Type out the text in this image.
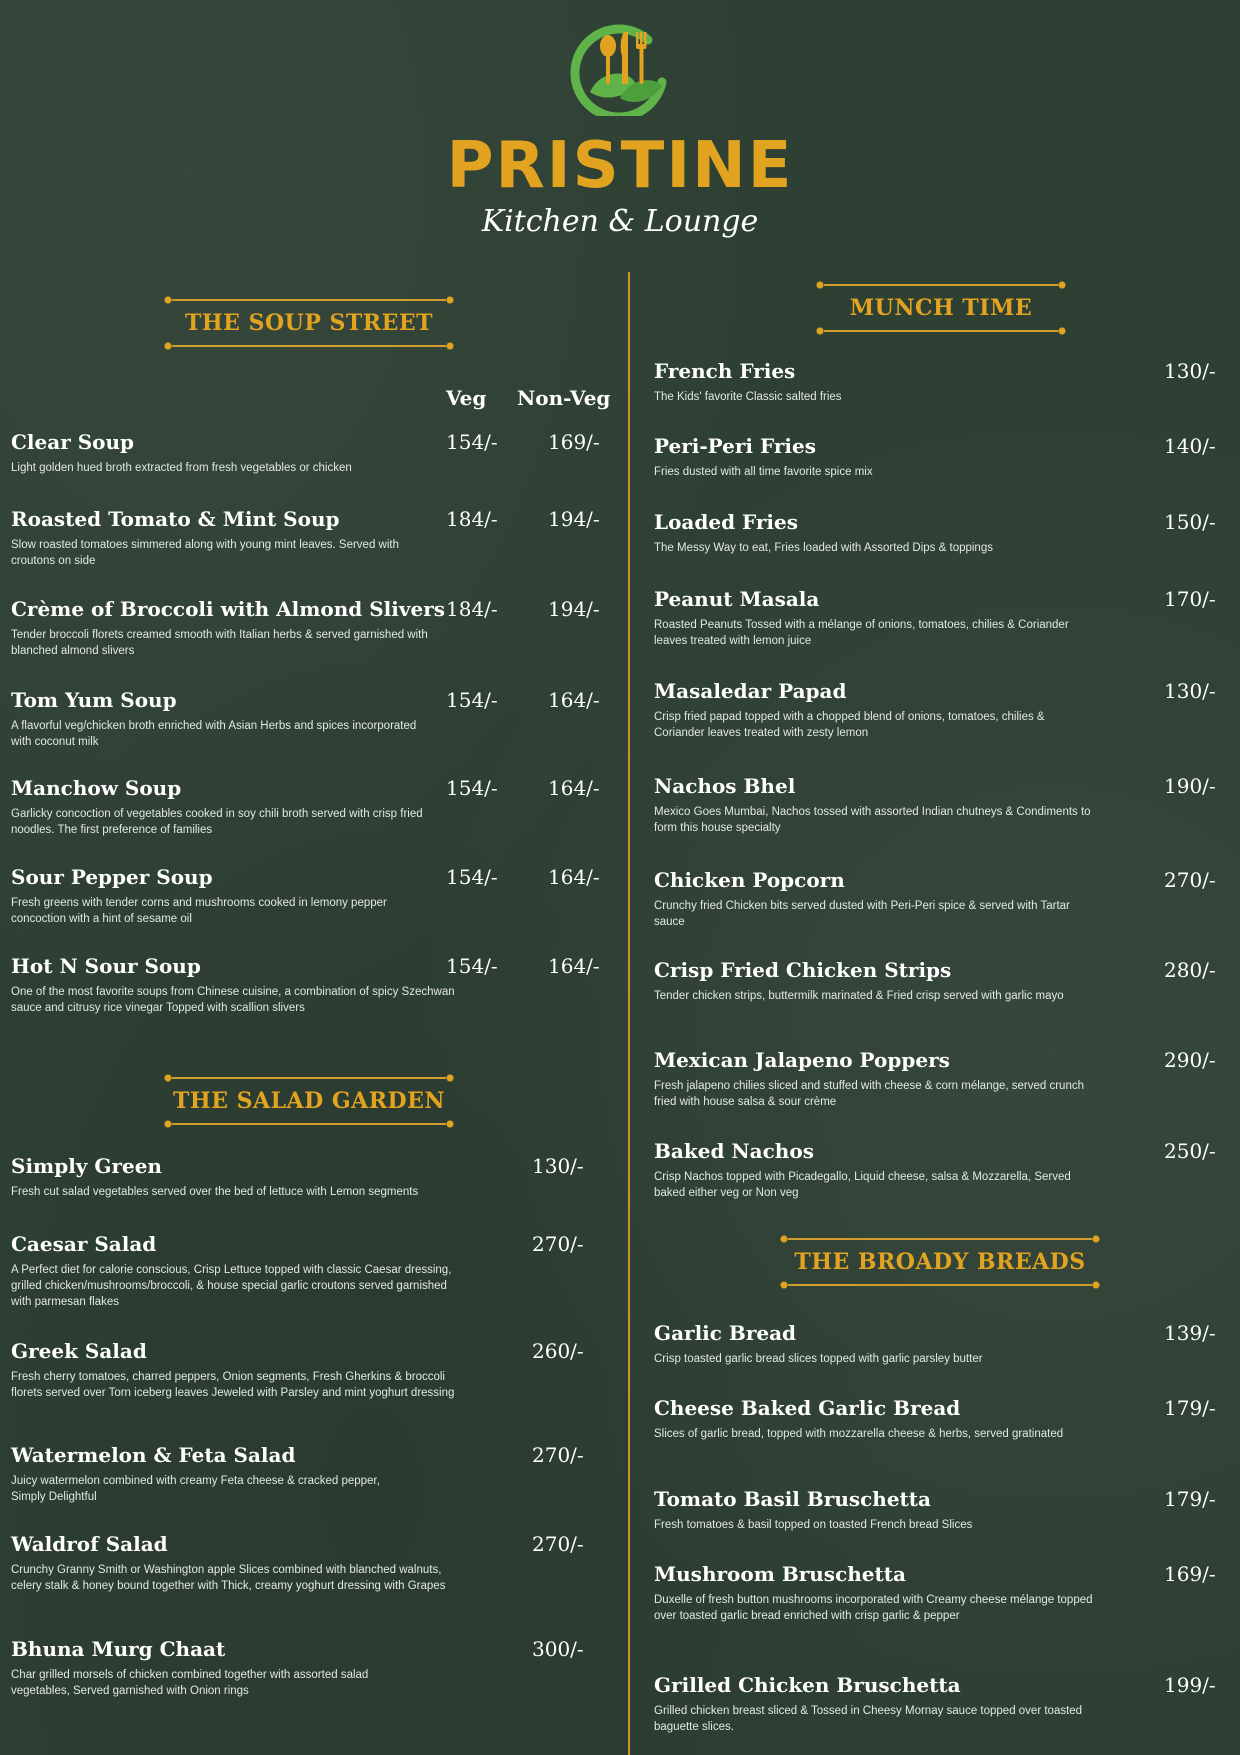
PRISTINE
Kitchen & Lounge
THE SOUP STREET
THE SALAD GARDEN
MUNCH TIME
THE BROADY BREADS
Veg Non-Veg
Clear Soup
Light golden hued broth extracted from fresh vegetables or chicken
154/-	169/-
Roasted Tomato & Mint Soup
Slow roasted tomatoes simmered along with young mint leaves. Served with croutons on side
184/-	194/-
Crème of Broccoli with Almond Slivers
Tender broccoli florets creamed smooth with Italian herbs & served garnished with blanched almond slivers
184/-	194/-
Tom Yum Soup
A flavorful veg/chicken broth enriched with Asian Herbs and spices incorporated with coconut milk
154/-	164/-
Manchow Soup
Garlicky concoction of vegetables cooked in soy chili broth served with crisp fried noodles. The first preference of families
154/-	164/-
Sour Pepper Soup
Fresh greens with tender corns and mushrooms cooked in lemony pepper concoction with a hint of sesame oil
154/-	164/-
Hot N Sour Soup
One of the most favorite soups from Chinese cuisine, a combination of spicy Szechwan sauce and citrusy rice vinegar Topped with scallion slivers
154/-	164/-
Simply Green
Fresh cut salad vegetables served over the bed of lettuce with Lemon segments
130/-
Caesar Salad
A Perfect diet for calorie conscious, Crisp Lettuce topped with classic Caesar dressing, grilled chicken/mushrooms/broccoli, & house special garlic croutons served garnished with parmesan flakes
270/-
Greek Salad
Fresh cherry tomatoes, charred peppers, Onion segments, Fresh Gherkins & broccoli florets served over Torn iceberg leaves Jeweled with Parsley and mint yoghurt dressing
260/-
Watermelon & Feta Salad
Juicy watermelon combined with creamy Feta cheese & cracked pepper, Simply Delightful
270/-
Waldrof Salad
Crunchy Granny Smith or Washington apple Slices combined with blanched walnuts, celery stalk & honey bound together with Thick, creamy yoghurt dressing with Grapes
270/-
Bhuna Murg Chaat
Char grilled morsels of chicken combined together with assorted salad vegetables, Served garnished with Onion rings
300/-
French Fries
The Kids' favorite Classic salted fries
130/-
Peri-Peri Fries
Fries dusted with all time favorite spice mix
140/-
Loaded Fries
The Messy Way to eat, Fries loaded with Assorted Dips & toppings
150/-
Peanut Masala
Roasted Peanuts Tossed with a mélange of onions, tomatoes, chilies & Coriander leaves treated with lemon juice
170/-
Masaledar Papad
Crisp fried papad topped with a chopped blend of onions, tomatoes, chilies & Coriander leaves treated with zesty lemon
130/-
Nachos Bhel
Mexico Goes Mumbai, Nachos tossed with assorted Indian chutneys & Condiments to form this house specialty
190/-
Chicken Popcorn
Crunchy fried Chicken bits served dusted with Peri-Peri spice & served with Tartar sauce
270/-
Crisp Fried Chicken Strips
Tender chicken strips, buttermilk marinated & Fried crisp served with garlic mayo
280/-
Mexican Jalapeno Poppers
Fresh jalapeno chilies sliced and stuffed with cheese & corn mélange, served crunch fried with house salsa & sour crème
290/-
Baked Nachos
Crisp Nachos topped with Picadegallo, Liquid cheese, salsa & Mozzarella, Served baked either veg or Non veg
250/-
Garlic Bread
Crisp toasted garlic bread slices topped with garlic parsley butter
139/-
Cheese Baked Garlic Bread
Slices of garlic bread, topped with mozzarella cheese & herbs, served gratinated
179/-
Tomato Basil Bruschetta
Fresh tomatoes & basil topped on toasted French bread Slices
179/-
Mushroom Bruschetta
Duxelle of fresh button mushrooms incorporated with Creamy cheese mélange topped over toasted garlic bread enriched with crisp garlic & pepper
169/-
Grilled Chicken Bruschetta
Grilled chicken breast sliced & Tossed in Cheesy Mornay sauce topped over toasted baguette slices.
199/-
